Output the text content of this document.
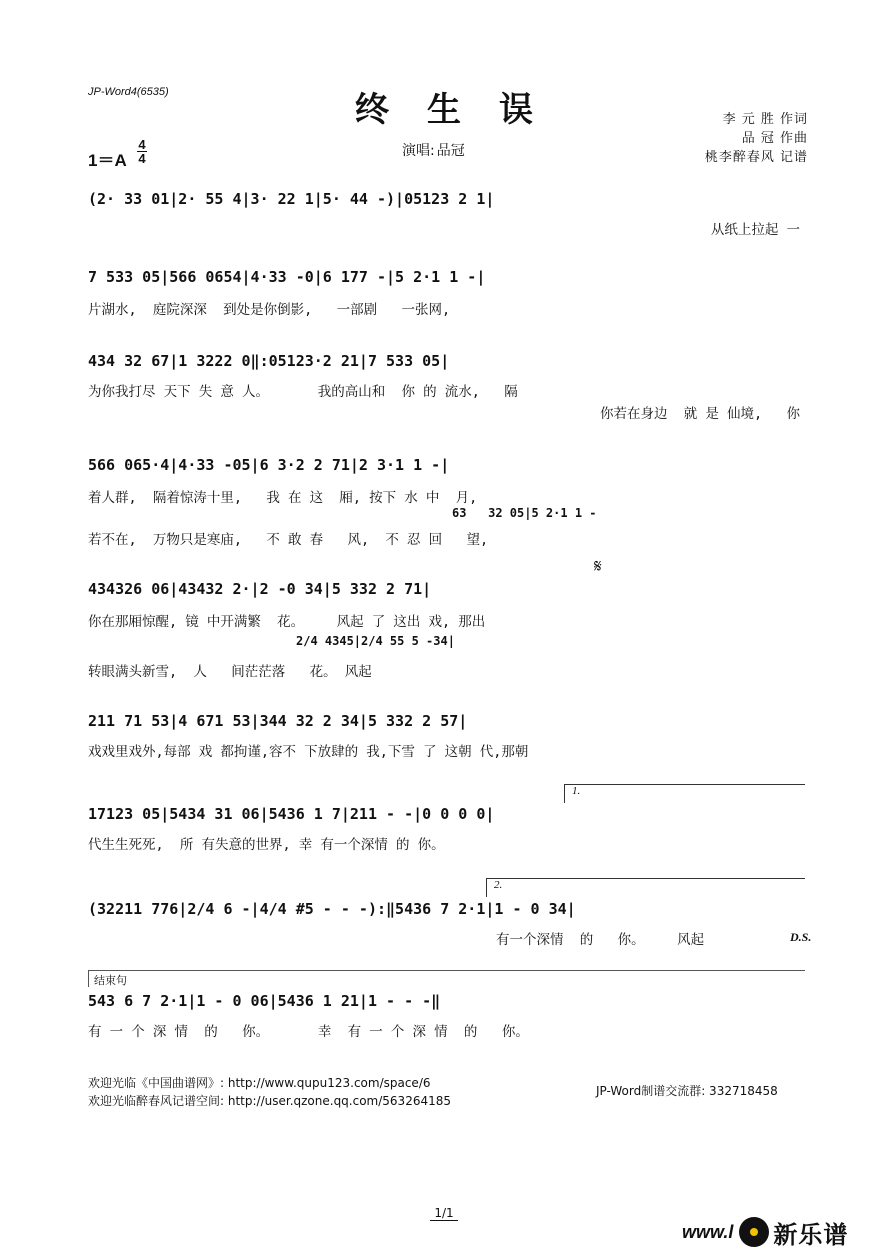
JP-Word4(6535)	终生误	李 元 胜 作词
品 冠 作曲
桃李醉春风 记谱
1＝A
4
4	演唱: 品冠
(2· 33 01|2· 55 4|3· 22 1|5· 44 -)|05123 2 1|
从纸上拉起 一
7 533 05|566 0654|4·33 -0|6 177 -|5 2·1 1 -|
片湖水,  庭院深深  到处是你倒影,   一部剧   一张网,
434 32 67|1 3222 0‖:05123·2 21|7 533 05|
为你我打尽 天下 失 意 人。      我的高山和  你 的 流水,   隔
你若在身边  就 是 仙境,   你
566 065·4|4·33 -05|6 3·2 2 71|2 3·1 1 -|
着人群,  隔着惊涛十里,   我 在 这  厢, 按下 水 中  月,
63   32 05|5 2·1 1 -
若不在,  万物只是寒庙,   不 敢 春   风,  不 忍 回   望,
𝄋
434326 06|43432 2·|2 -0 34|5 332 2 71|
你在那厢惊醒, 镜 中开满繁  花。    风起 了 这出 戏, 那出
2/4 4345|2/4 55 5 -34|
转眼满头新雪,  人   间茫茫落   花。 风起
211 71 53|4 671 53|344 32 2 34|5 332 2 57|
戏戏里戏外,每部 戏 都拘谨,容不 下放肆的 我,下雪 了 这朝 代,那朝
1.
17123 05|5434 31 06|5436 1 7|211 - -|0 0 0 0|
代生生死死,  所 有失意的世界, 幸 有一个深情 的 你。
2.
(32211 776|2/4 6 -|4/4 #5 - - -):‖5436 7 2·1|1 - 0 34|
有一个深情  的   你。    风起	D.S.
结束句
543 6 7 2·1|1 - 0 06|5436 1 21|1 - - -‖
有 一 个 深 情  的   你。      幸  有 一 个 深 情  的   你。
欢迎光临《中国曲谱网》: http://www.qupu123.com/space/6
欢迎光临醉春风记谱空间: http://user.qzone.qq.com/563264185
JP-Word制谱交流群: 332718458
1/1
www.l 新乐谱
